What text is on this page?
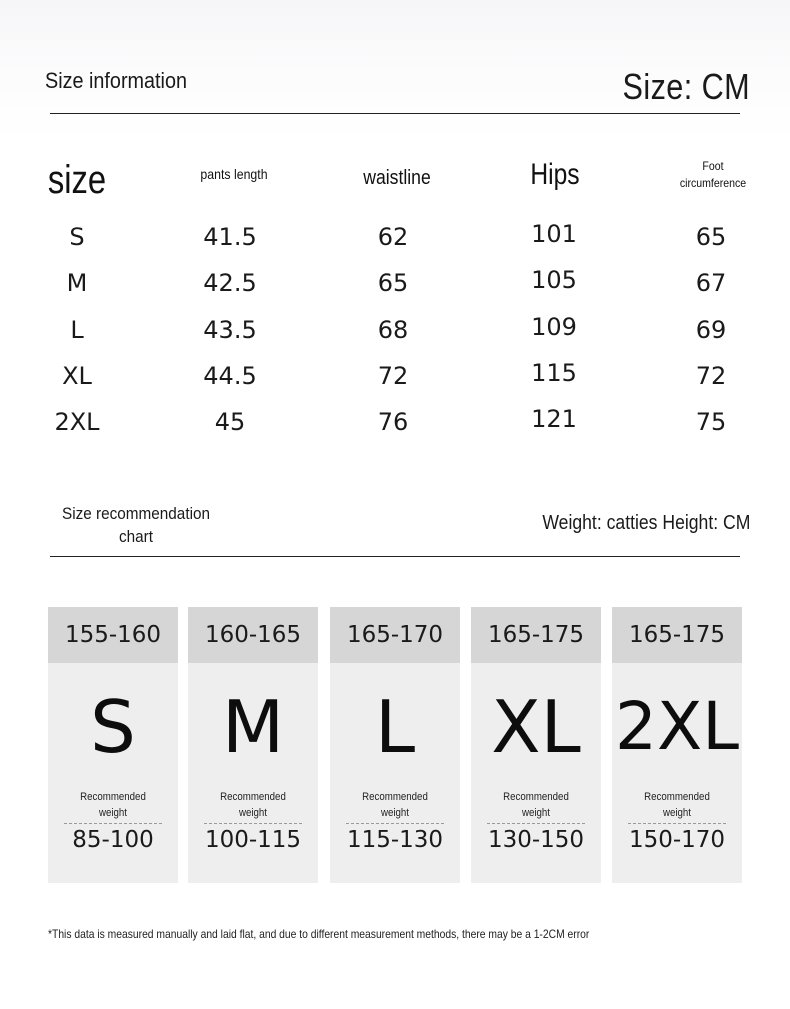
Size information	Size: CM
size	pants length	waistline	Hips	Foot
circumference
S	41.5	62	101	65
M	42.5	65	105	67
L	43.5	68	109	69
XL	44.5	72	115	72
2XL	45	76	121	75
Size recommendation
chart
Weight: catties Height: CM
155-160
S
Recommended
weight
85-100
160-165
M
Recommended
weight
100-115
165-170
L
Recommended
weight
115-130
165-175
XL
Recommended
weight
130-150
165-175
2XL
Recommended
weight
150-170
*This data is measured manually and laid flat, and due to different measurement methods, there may be a 1-2CM error
